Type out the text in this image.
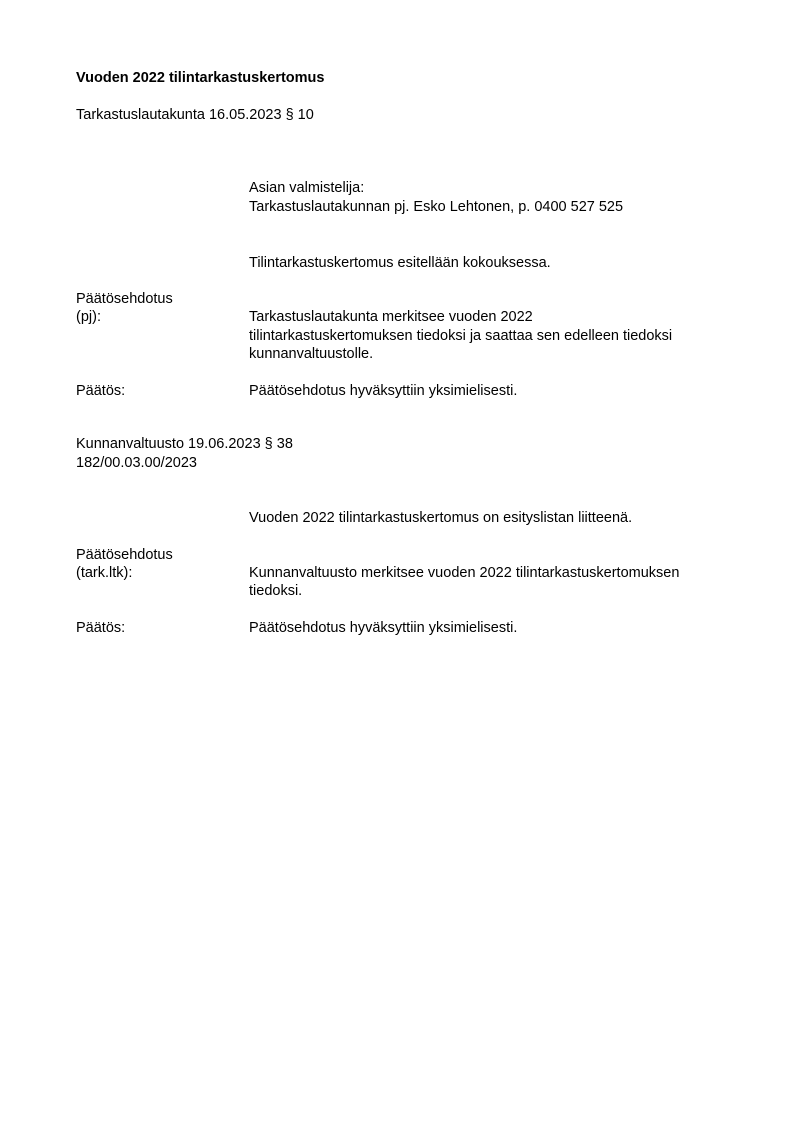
Vuoden 2022 tilintarkastuskertomus
Tarkastuslautakunta 16.05.2023 § 10
Asian valmistelija:
Tarkastuslautakunnan pj. Esko Lehtonen, p. 0400 527 525
Tilintarkastuskertomus esitellään kokouksessa.
Päätösehdotus
(pj):	Tarkastuslautakunta merkitsee vuoden 2022
tilintarkastuskertomuksen tiedoksi ja saattaa sen edelleen tiedoksi
kunnanvaltuustolle.
Päätös:	Päätösehdotus hyväksyttiin yksimielisesti.
Kunnanvaltuusto 19.06.2023 § 38
182/00.03.00/2023
Vuoden 2022 tilintarkastuskertomus on esityslistan liitteenä.
Päätösehdotus
(tark.ltk):	Kunnanvaltuusto merkitsee vuoden 2022 tilintarkastuskertomuksen
tiedoksi.
Päätös:	Päätösehdotus hyväksyttiin yksimielisesti.
